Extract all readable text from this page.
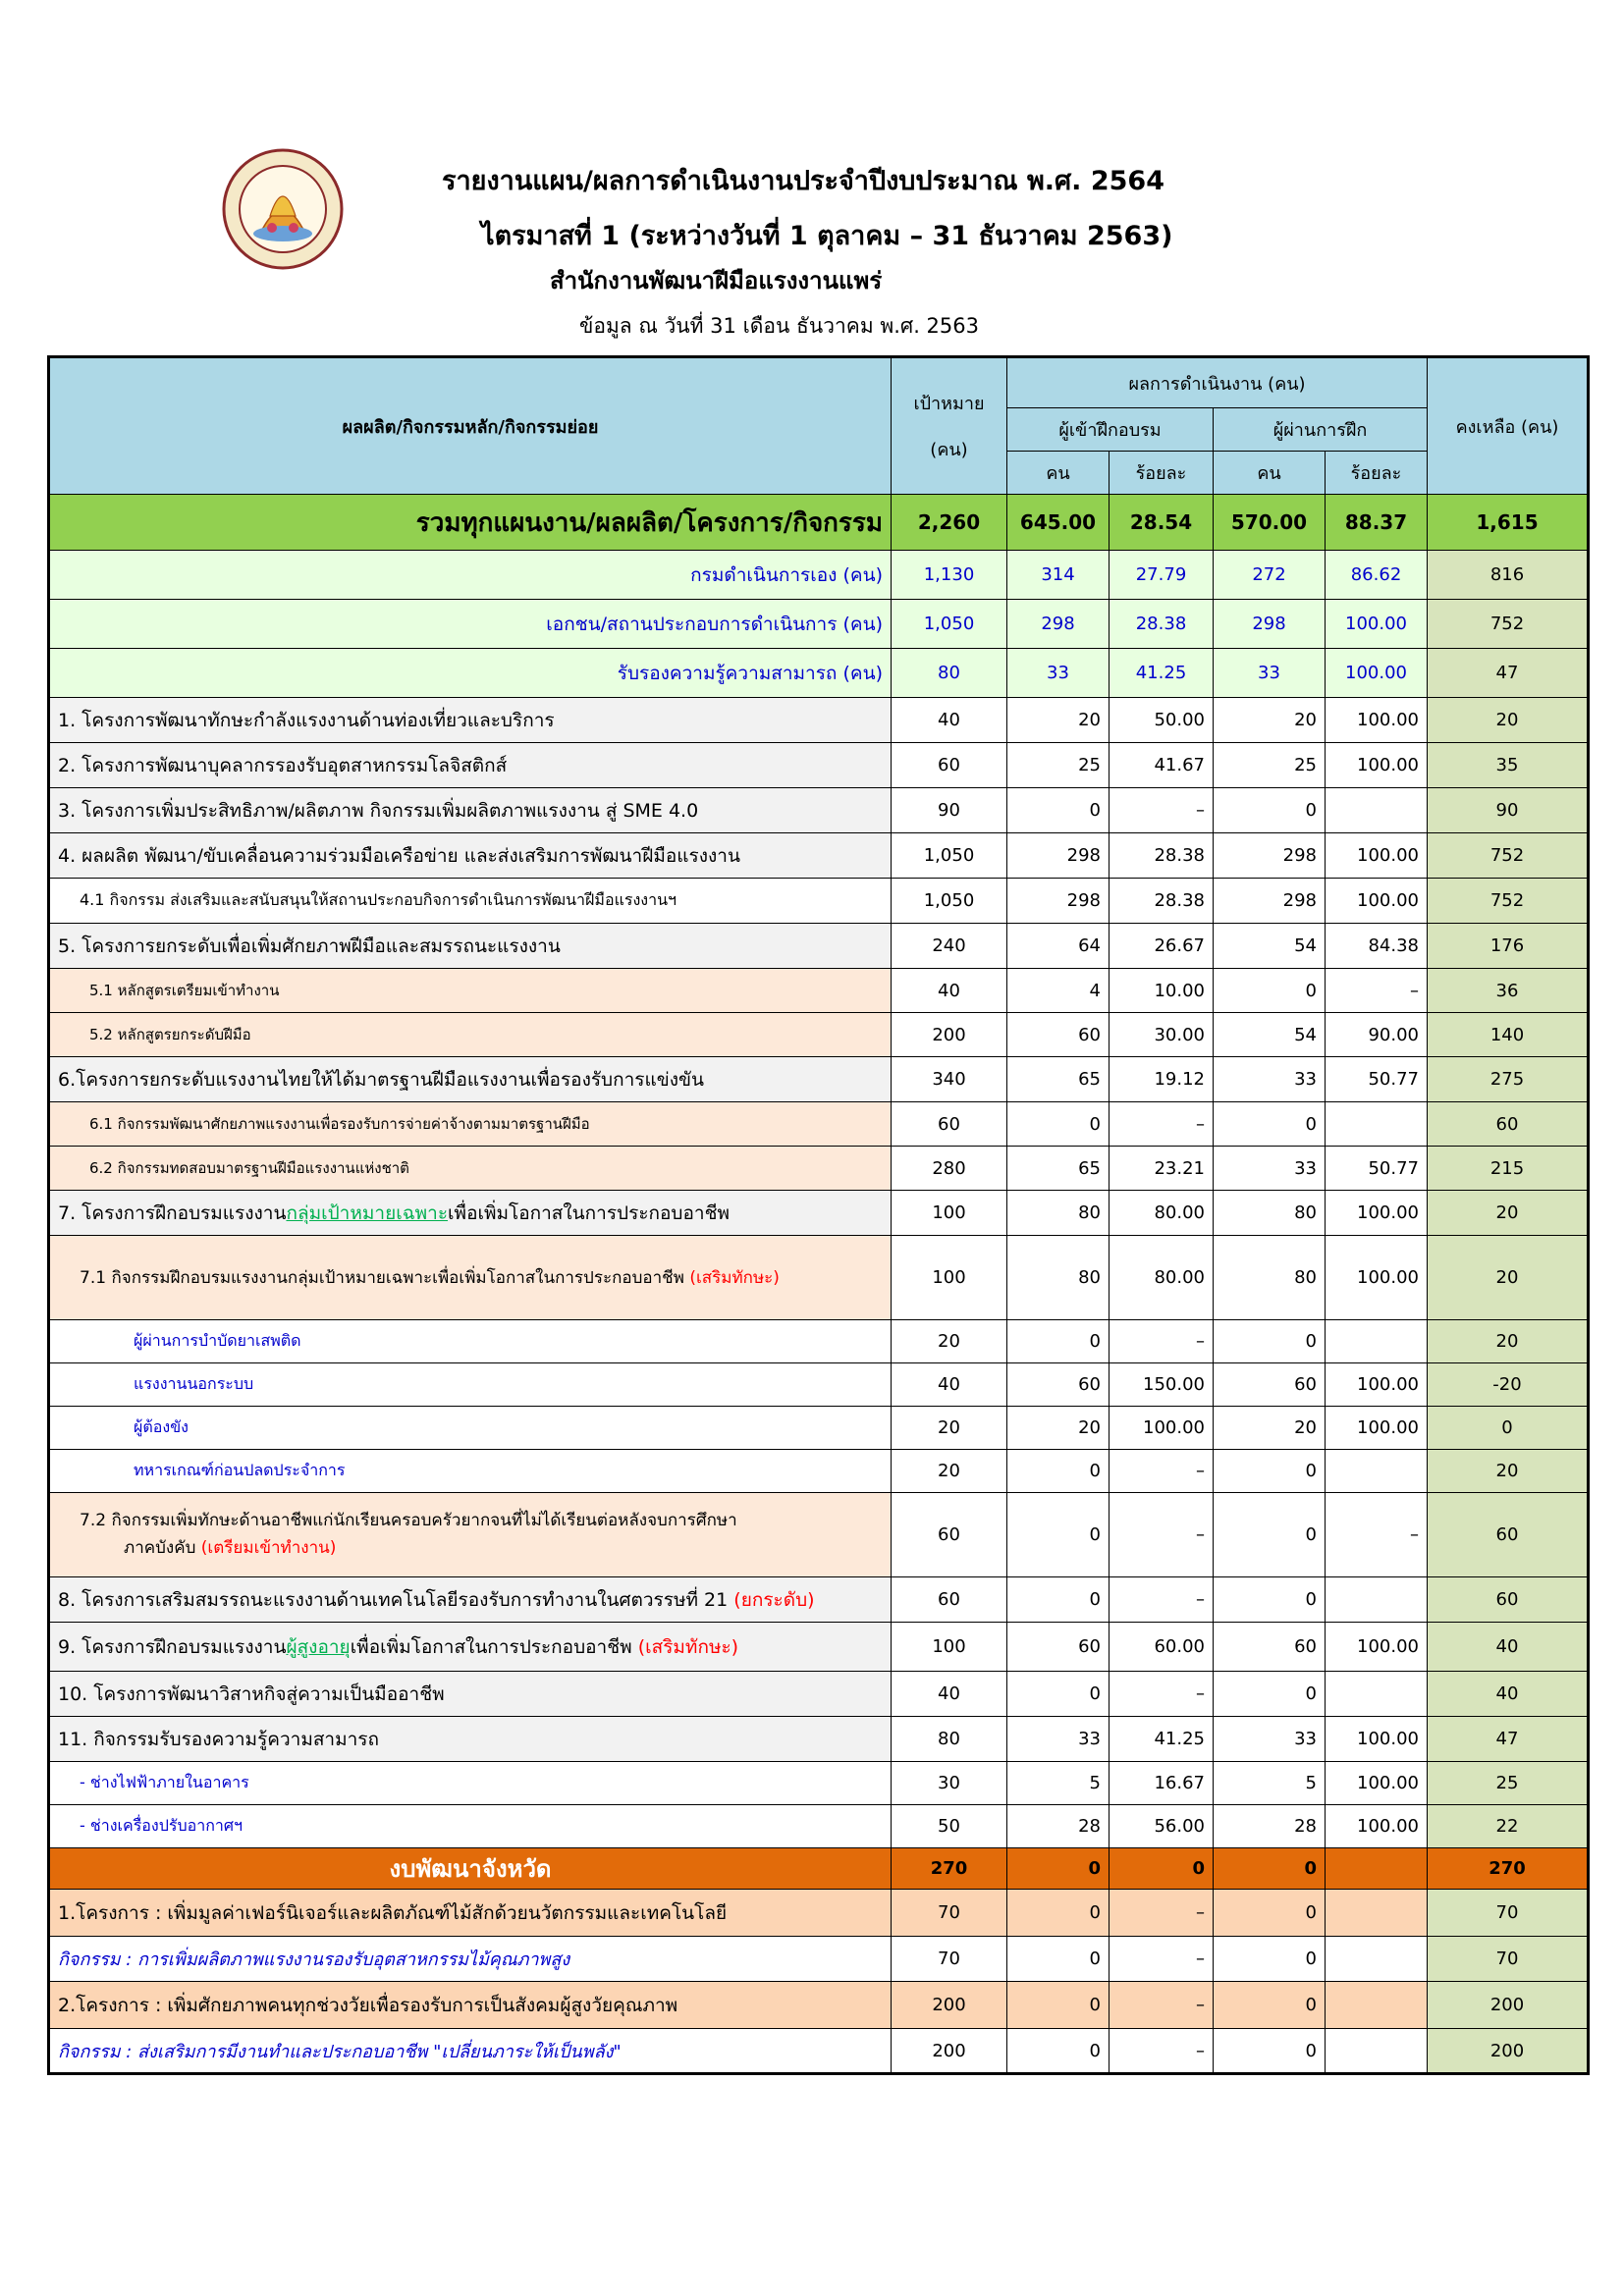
รายงานแผน/ผลการดำเนินงานประจำปีงบประมาณ พ.ศ. 2564
ไตรมาสที่ 1 (ระหว่างวันที่ 1 ตุลาคม – 31 ธันวาคม 2563)
สำนักงานพัฒนาฝีมือแรงงานแพร่
ข้อมูล ณ วันที่ 31 เดือน ธันวาคม พ.ศ. 2563
ผลผลิต/กิจกรรมหลัก/กิจกรรมย่อย	เป้าหมาย
(คน)	ผลการดำเนินงาน (คน)				คงเหลือ (คน)
		ผู้เข้าฝึกอบรม		ผู้ผ่านการฝึก		
		คน	ร้อยละ	คน	ร้อยละ	
รวมทุกแผนงาน/ผลผลิต/โครงการ/กิจกรรม	2,260	645.00	28.54	570.00	88.37	1,615
กรมดำเนินการเอง (คน)	1,130	314	27.79	272	86.62	816
เอกชน/สถานประกอบการดำเนินการ (คน)	1,050	298	28.38	298	100.00	752
รับรองความรู้ความสามารถ (คน)	80	33	41.25	33	100.00	47
1. โครงการพัฒนาทักษะกำลังแรงงานด้านท่องเที่ยวและบริการ	40	20	50.00	20	100.00	20
2. โครงการพัฒนาบุคลากรรองรับอุตสาหกรรมโลจิสติกส์	60	25	41.67	25	100.00	35
3. โครงการเพิ่มประสิทธิภาพ/ผลิตภาพ กิจกรรมเพิ่มผลิตภาพแรงงาน สู่ SME 4.0	90	0	–	0		90
4. ผลผลิต พัฒนา/ขับเคลื่อนความร่วมมือเครือข่าย และส่งเสริมการพัฒนาฝีมือแรงงาน	1,050	298	28.38	298	100.00	752
4.1 กิจกรรม ส่งเสริมและสนับสนุนให้สถานประกอบกิจการดำเนินการพัฒนาฝีมือแรงงานฯ	1,050	298	28.38	298	100.00	752
5. โครงการยกระดับเพื่อเพิ่มศักยภาพฝีมือและสมรรถนะแรงงาน	240	64	26.67	54	84.38	176
5.1 หลักสูตรเตรียมเข้าทำงาน	40	4	10.00	0	–	36
5.2 หลักสูตรยกระดับฝีมือ	200	60	30.00	54	90.00	140
6.โครงการยกระดับแรงงานไทยให้ได้มาตรฐานฝีมือแรงงานเพื่อรองรับการแข่งขัน	340	65	19.12	33	50.77	275
6.1 กิจกรรมพัฒนาศักยภาพแรงงานเพื่อรองรับการจ่ายค่าจ้างตามมาตรฐานฝีมือ	60	0	–	0		60
6.2 กิจกรรมทดสอบมาตรฐานฝีมือแรงงานแห่งชาติ	280	65	23.21	33	50.77	215
7. โครงการฝึกอบรมแรงงานกลุ่มเป้าหมายเฉพาะเพื่อเพิ่มโอกาสในการประกอบอาชีพ	100	80	80.00	80	100.00	20
7.1 กิจกรรมฝึกอบรมแรงงานกลุ่มเป้าหมายเฉพาะเพื่อเพิ่มโอกาสในการประกอบอาชีพ (เสริมทักษะ)	100	80	80.00	80	100.00	20
ผู้ผ่านการบำบัดยาเสพติด	20	0	–	0		20
แรงงานนอกระบบ	40	60	150.00	60	100.00	-20
ผู้ต้องขัง	20	20	100.00	20	100.00	0
ทหารเกณฑ์ก่อนปลดประจำการ	20	0	–	0		20
7.2 กิจกรรมเพิ่มทักษะด้านอาชีพแก่นักเรียนครอบครัวยากจนที่ไม่ได้เรียนต่อหลังจบการศึกษา
ภาคบังคับ (เตรียมเข้าทำงาน)	60	0	–	0	–	60
8. โครงการเสริมสมรรถนะแรงงานด้านเทคโนโลยีรองรับการทำงานในศตวรรษที่ 21 (ยกระดับ)	60	0	–	0		60
9. โครงการฝึกอบรมแรงงานผู้สูงอายุเพื่อเพิ่มโอกาสในการประกอบอาชีพ (เสริมทักษะ)	100	60	60.00	60	100.00	40
10. โครงการพัฒนาวิสาหกิจสู่ความเป็นมืออาชีพ	40	0	–	0		40
11. กิจกรรมรับรองความรู้ความสามารถ	80	33	41.25	33	100.00	47
- ช่างไฟฟ้าภายในอาคาร	30	5	16.67	5	100.00	25
- ช่างเครื่องปรับอากาศฯ	50	28	56.00	28	100.00	22
งบพัฒนาจังหวัด	270	0	0	0		270
1.โครงการ : เพิ่มมูลค่าเฟอร์นิเจอร์และผลิตภัณฑ์ไม้สักด้วยนวัตกรรมและเทคโนโลยี	70	0	–	0		70
กิจกรรม : การเพิ่มผลิตภาพแรงงานรองรับอุตสาหกรรมไม้คุณภาพสูง	70	0	–	0		70
2.โครงการ : เพิ่มศักยภาพคนทุกช่วงวัยเพื่อรองรับการเป็นสังคมผู้สูงวัยคุณภาพ	200	0	–	0		200
กิจกรรม : ส่งเสริมการมีงานทำและประกอบอาชีพ "เปลี่ยนภาระให้เป็นพลัง"	200	0	–	0		200
